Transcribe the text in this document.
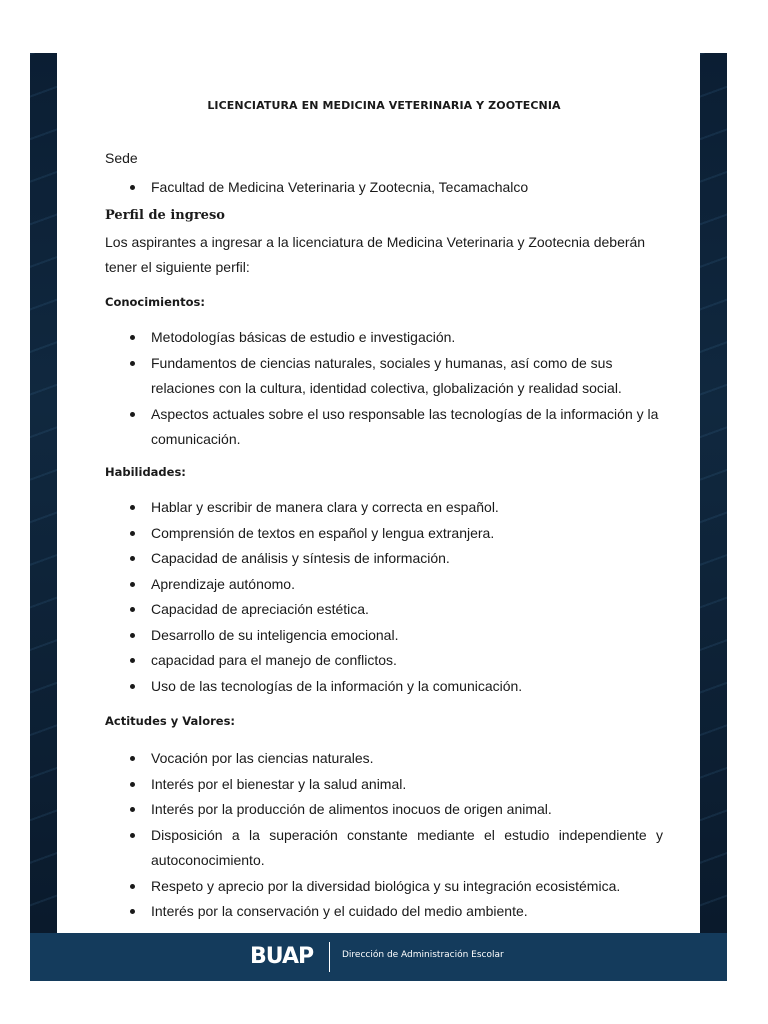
LICENCIATURA EN MEDICINA VETERINARIA Y ZOOTECNIA
Sede
Facultad de Medicina Veterinaria y Zootecnia, Tecamachalco
Perfil de ingreso
Los aspirantes a ingresar a la licenciatura de Medicina Veterinaria y Zootecnia deberán
tener el siguiente perfil:
Conocimientos:
Metodologías básicas de estudio e investigación.
Fundamentos de ciencias naturales, sociales y humanas, así como de sus relaciones con la cultura, identidad colectiva, globalización y realidad social.
Aspectos actuales sobre el uso responsable las tecnologías de la información y la comunicación.
Habilidades:
Hablar y escribir de manera clara y correcta en español.
Comprensión de textos en español y lengua extranjera.
Capacidad de análisis y síntesis de información.
Aprendizaje autónomo.
Capacidad de apreciación estética.
Desarrollo de su inteligencia emocional.
capacidad para el manejo de conflictos.
Uso de las tecnologías de la información y la comunicación.
Actitudes y Valores:
Vocación por las ciencias naturales.
Interés por el bienestar y la salud animal.
Interés por la producción de alimentos inocuos de origen animal.
Disposición a la superación constante mediante el estudio independiente y autoconocimiento.
Respeto y aprecio por la diversidad biológica y su integración ecosistémica.
Interés por la conservación y el cuidado del medio ambiente.
BUAP	Dirección de Administración Escolar
